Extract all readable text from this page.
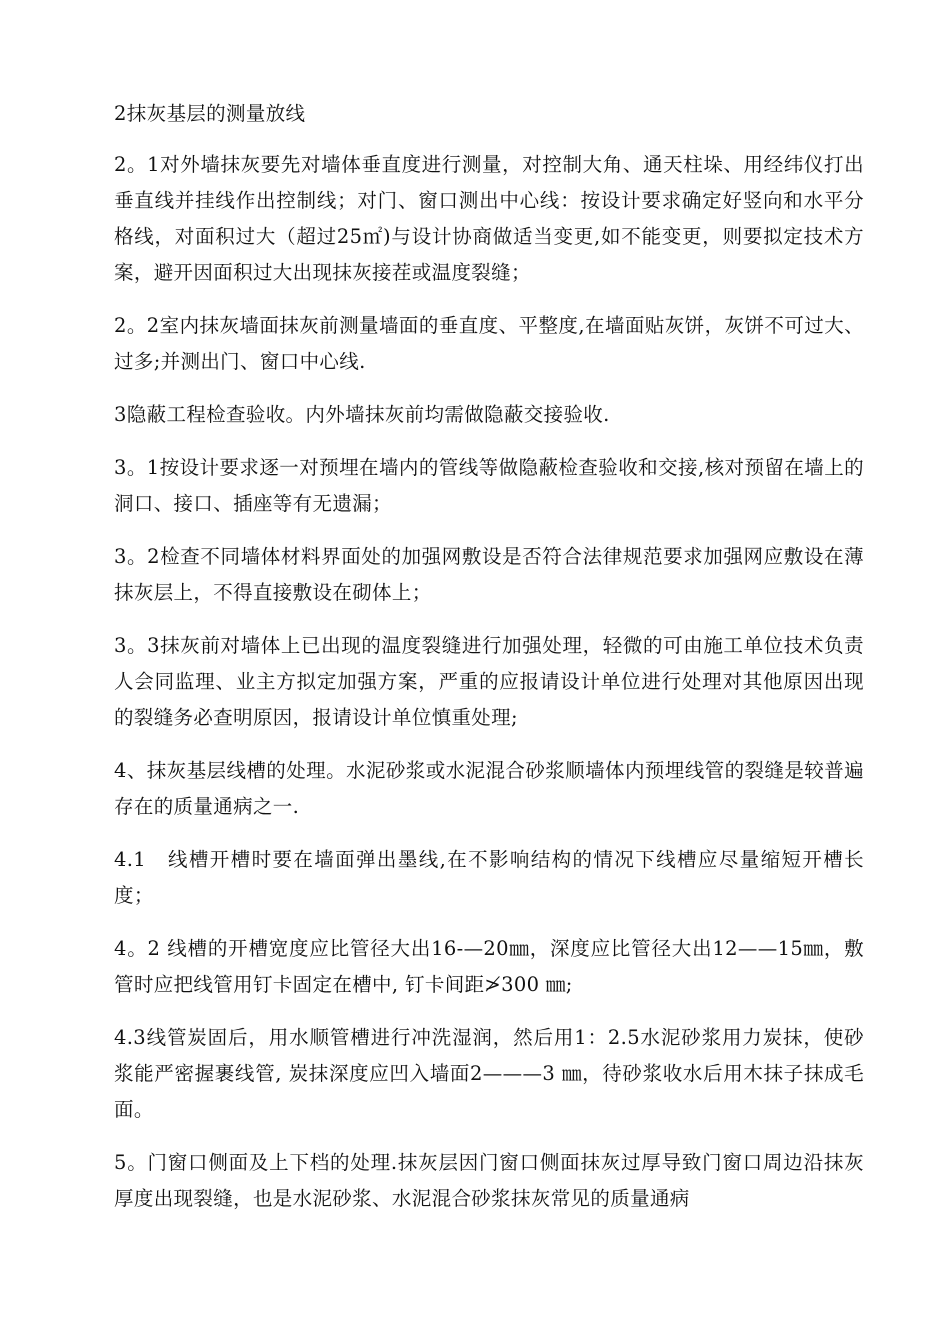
2抹灰基层的测量放线

2。1对外墙抹灰要先对墙体垂直度进行测量，对控制大角、通天柱垛、用经纬仪打出垂直线并挂线作出控制线；对门、窗口测出中心线：按设计要求确定好竖向和水平分格线，对面积过大（超过25㎡)与设计协商做适当变更,如不能变更，则要拟定技术方案，避开因面积过大出现抹灰接茬或温度裂缝；

2。2室内抹灰墙面抹灰前测量墙面的垂直度、平整度,在墙面贴灰饼，灰饼不可过大、过多;并测出门、窗口中心线.

3隐蔽工程检查验收。内外墙抹灰前均需做隐蔽交接验收.

3。1按设计要求逐一对预埋在墙内的管线等做隐蔽检查验收和交接,核对预留在墙上的洞口、接口、插座等有无遗漏；

3。2检查不同墙体材料界面处的加强网敷设是否符合法律规范要求加强网应敷设在薄抹灰层上，不得直接敷设在砌体上；

3。3抹灰前对墙体上已出现的温度裂缝进行加强处理，轻微的可由施工单位技术负责人会同监理、业主方拟定加强方案，严重的应报请设计单位进行处理对其他原因出现的裂缝务必查明原因，报请设计单位慎重处理;

4、抹灰基层线槽的处理。水泥砂浆或水泥混合砂浆顺墙体内预埋线管的裂缝是较普遍存在的质量通病之一.

4.1　线槽开槽时要在墙面弹出墨线,在不影响结构的情况下线槽应尽量缩短开槽长度；

4。2 线槽的开槽宽度应比管径大出16-—20㎜，深度应比管径大出12——15㎜，敷管时应把线管用钉卡固定在槽中, 钉卡间距≯300 ㎜;

4.3线管炭固后，用水顺管槽进行冲洗湿润，然后用1：2.5水泥砂浆用力炭抹，使砂浆能严密握裹线管, 炭抹深度应凹入墙面2———3 ㎜，待砂浆收水后用木抹子抹成毛面。

5。门窗口侧面及上下档的处理.抹灰层因门窗口侧面抹灰过厚导致门窗口周边沿抹灰厚度出现裂缝，也是水泥砂浆、水泥混合砂浆抹灰常见的质量通病
